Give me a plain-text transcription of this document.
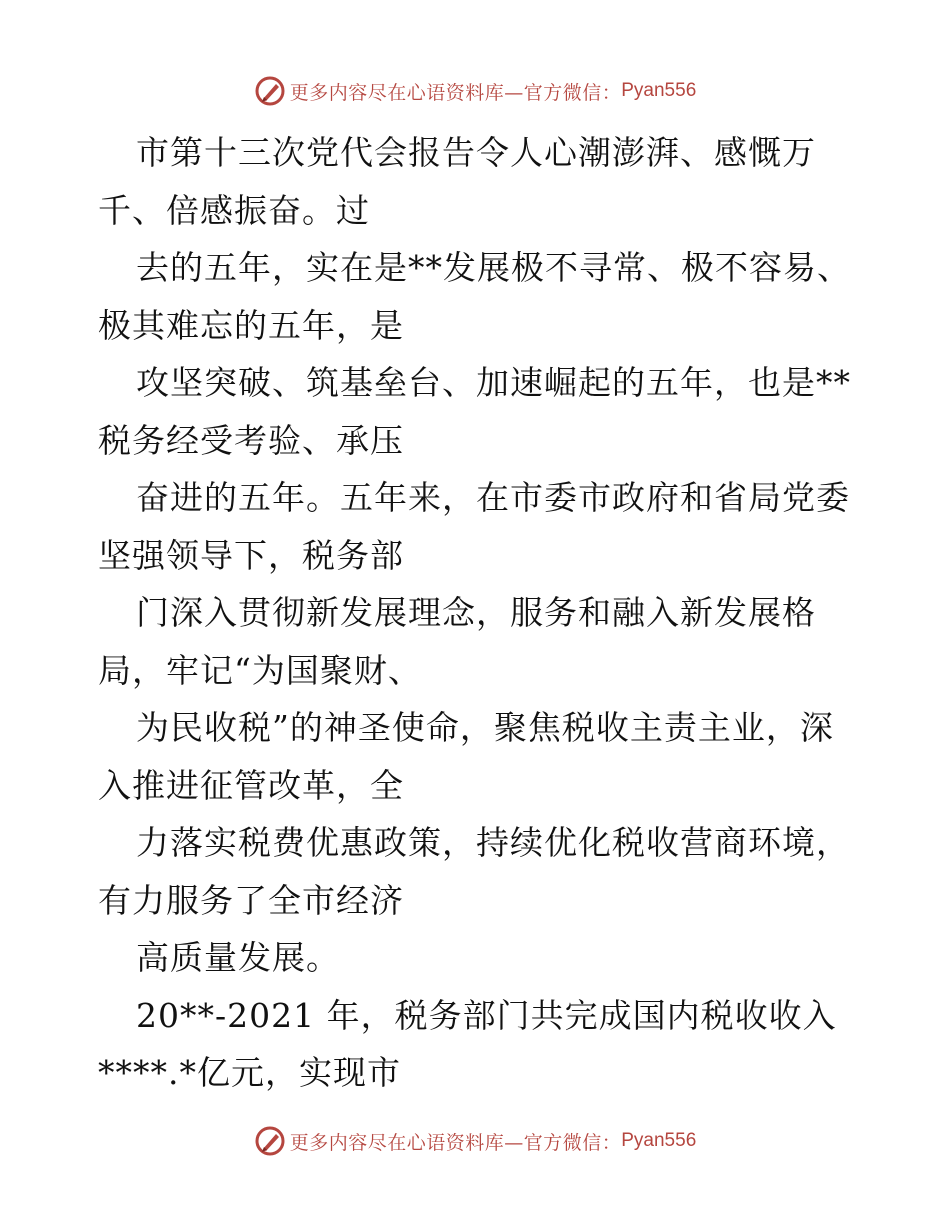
更多内容尽在心语资料库—官方微信： Pyan556
市第十三次党代会报告令人心潮澎湃、感慨万
千、倍感振奋。过
去的五年，实在是**发展极不寻常、极不容易、
极其难忘的五年，是
攻坚突破、筑基垒台、加速崛起的五年，也是**
税务经受考验、承压
奋进的五年。五年来，在市委市政府和省局党委
坚强领导下，税务部
门深入贯彻新发展理念，服务和融入新发展格
局，牢记“为国聚财、
为民收税”的神圣使命，聚焦税收主责主业，深
入推进征管改革，全
力落实税费优惠政策，持续优化税收营商环境，
有力服务了全市经济
高质量发展。
20**-2021 年，税务部门共完成国内税收收入
****.*亿元，实现市
更多内容尽在心语资料库—官方微信： Pyan556
